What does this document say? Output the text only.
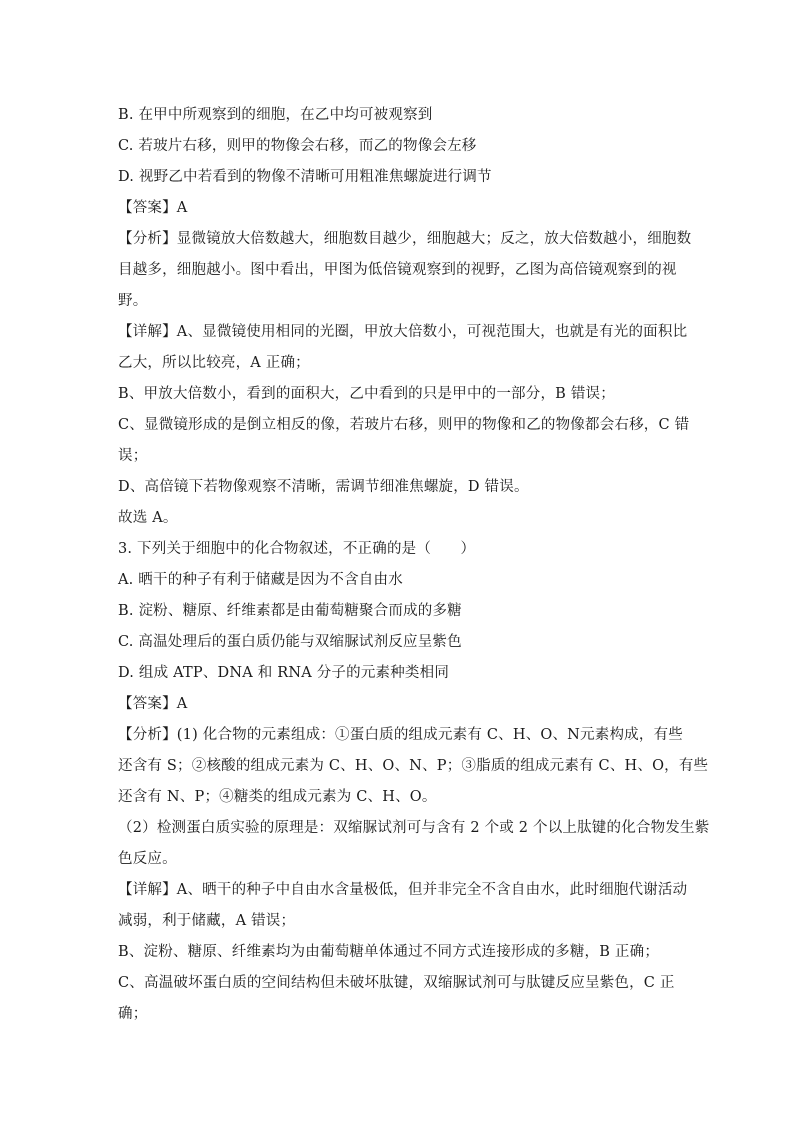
B. 在甲中所观察到的细胞，在乙中均可被观察到
C. 若玻片右移，则甲的物像会右移，而乙的物像会左移
D. 视野乙中若看到的物像不清晰可用粗准焦螺旋进行调节
【答案】A
【分析】显微镜放大倍数越大，细胞数目越少，细胞越大；反之，放大倍数越小，细胞数
目越多，细胞越小。图中看出，甲图为低倍镜观察到的视野，乙图为高倍镜观察到的视
野。
【详解】A、显微镜使用相同的光圈，甲放大倍数小，可视范围大，也就是有光的面积比
乙大，所以比较亮，A 正确；
B、甲放大倍数小，看到的面积大，乙中看到的只是甲中的一部分，B 错误；
C、显微镜形成的是倒立相反的像，若玻片右移，则甲的物像和乙的物像都会右移，C 错
误；
D、高倍镜下若物像观察不清晰，需调节细准焦螺旋，D 错误。
故选 A。
3. 下列关于细胞中的化合物叙述，不正确的是（　　）
A. 晒干的种子有利于储藏是因为不含自由水
B. 淀粉、糖原、纤维素都是由葡萄糖聚合而成的多糖
C. 高温处理后的蛋白质仍能与双缩脲试剂反应呈紫色
D. 组成 ATP、DNA 和 RNA 分子的元素种类相同
【答案】A
【分析】(1) 化合物的元素组成：①蛋白质的组成元素有 C、H、O、N元素构成，有些
还含有 S；②核酸的组成元素为 C、H、O、N、P；③脂质的组成元素有 C、H、O，有些
还含有 N、P；④糖类的组成元素为 C、H、O。
（2）检测蛋白质实验的原理是：双缩脲试剂可与含有 2 个或 2 个以上肽键的化合物发生紫
色反应。
【详解】A、晒干的种子中自由水含量极低，但并非完全不含自由水，此时细胞代谢活动
减弱，利于储藏，A 错误；
B、淀粉、糖原、纤维素均为由葡萄糖单体通过不同方式连接形成的多糖，B 正确；
C、高温破坏蛋白质的空间结构但未破坏肽键，双缩脲试剂可与肽键反应呈紫色，C 正
确；
